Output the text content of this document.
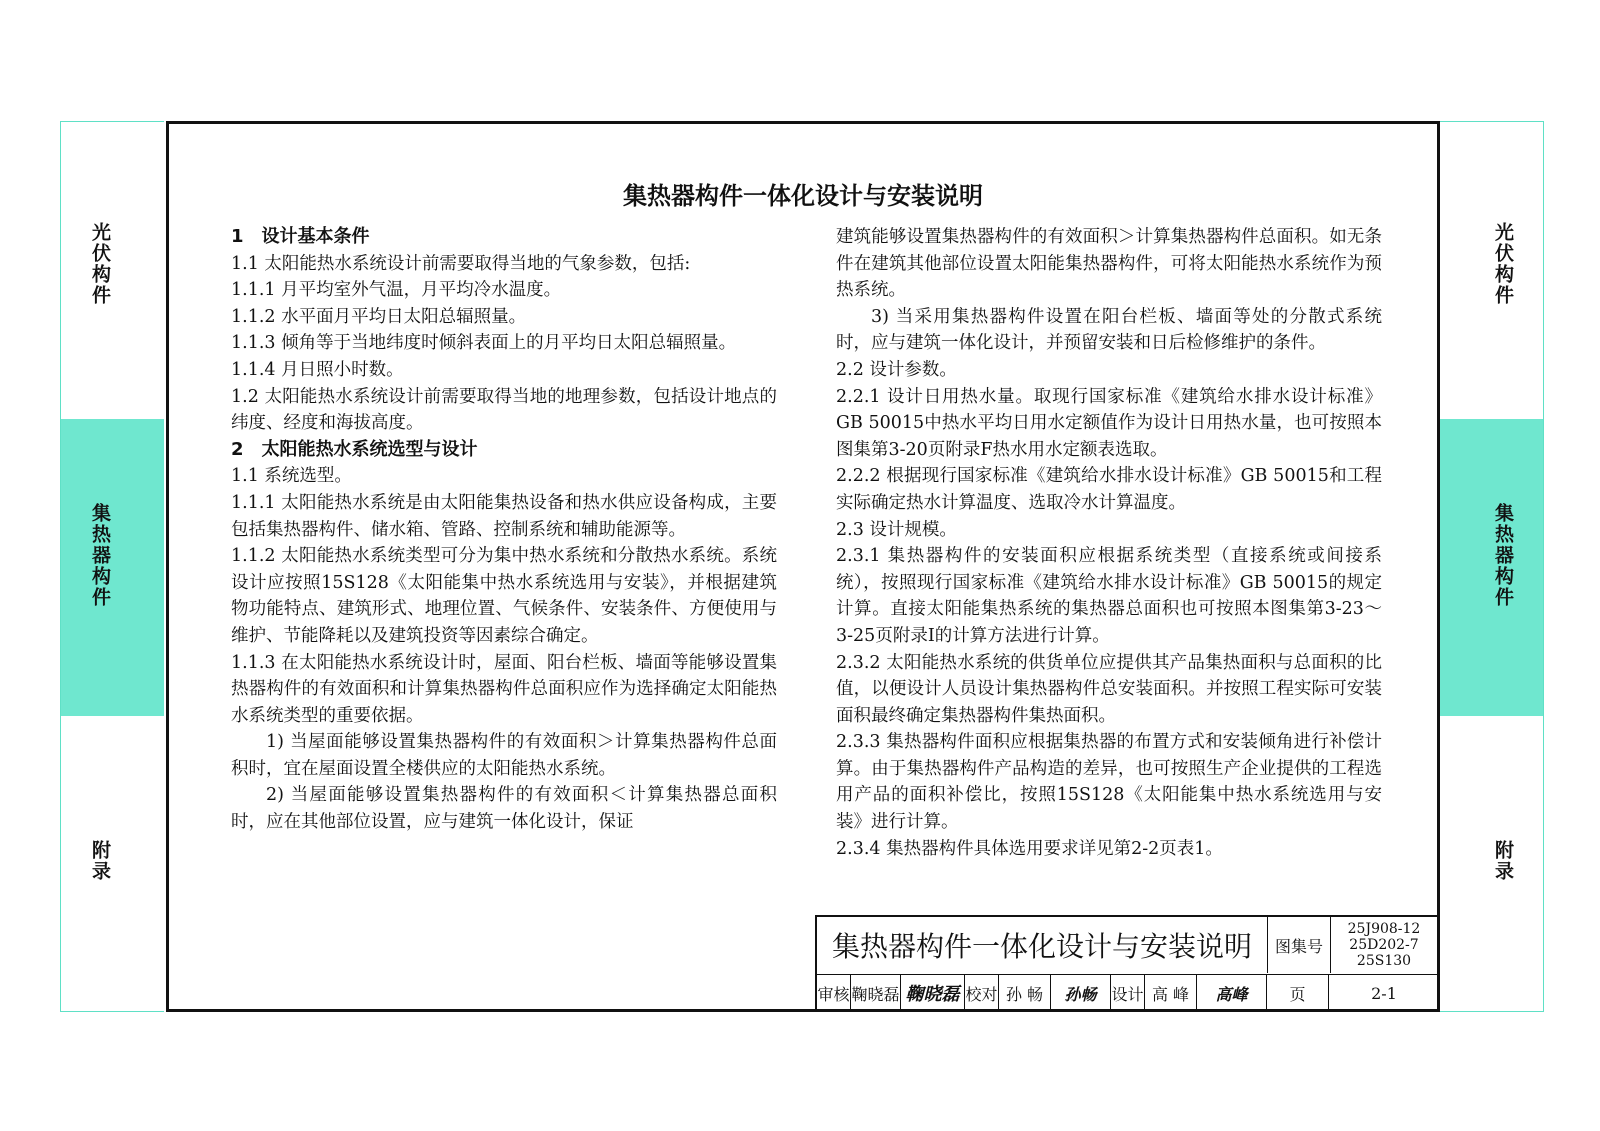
光伏构件
集热器构件
附录
光伏构件
集热器构件
附录
集热器构件一体化设计与安装说明

1　设计基本条件

1.1 太阳能热水系统设计前需要取得当地的气象参数，包括:

1.1.1 月平均室外气温，月平均冷水温度。

1.1.2 水平面月平均日太阳总辐照量。

1.1.3 倾角等于当地纬度时倾斜表面上的月平均日太阳总辐照量。

1.1.4 月日照小时数。

1.2 太阳能热水系统设计前需要取得当地的地理参数，包括设计地点的纬度、经度和海拔高度。

2　太阳能热水系统选型与设计

1.1 系统选型。

1.1.1 太阳能热水系统是由太阳能集热设备和热水供应设备构成，主要包括集热器构件、储水箱、管路、控制系统和辅助能源等。

1.1.2 太阳能热水系统类型可分为集中热水系统和分散热水系统。系统设计应按照15S128《太阳能集中热水系统选用与安装》，并根据建筑物功能特点、建筑形式、地理位置、气候条件、安装条件、方便使用与维护、节能降耗以及建筑投资等因素综合确定。

1.1.3 在太阳能热水系统设计时，屋面、阳台栏板、墙面等能够设置集热器构件的有效面积和计算集热器构件总面积应作为选择确定太阳能热水系统类型的重要依据。

1) 当屋面能够设置集热器构件的有效面积＞计算集热器构件总面积时，宜在屋面设置全楼供应的太阳能热水系统。

2) 当屋面能够设置集热器构件的有效面积＜计算集热器总面积时，应在其他部位设置，应与建筑一体化设计，保证

建筑能够设置集热器构件的有效面积＞计算集热器构件总面积。如无条件在建筑其他部位设置太阳能集热器构件，可将太阳能热水系统作为预热系统。

3) 当采用集热器构件设置在阳台栏板、墙面等处的分散式系统时，应与建筑一体化设计，并预留安装和日后检修维护的条件。

2.2 设计参数。

2.2.1 设计日用热水量。取现行国家标准《建筑给水排水设计标准》GB 50015中热水平均日用水定额值作为设计日用热水量，也可按照本图集第3-20页附录F热水用水定额表选取。

2.2.2 根据现行国家标准《建筑给水排水设计标准》GB 50015和工程实际确定热水计算温度、选取冷水计算温度。

2.3 设计规模。

2.3.1 集热器构件的安装面积应根据系统类型（直接系统或间接系统），按照现行国家标准《建筑给水排水设计标准》GB 50015的规定计算。直接太阳能集热系统的集热器总面积也可按照本图集第3-23～3-25页附录I的计算方法进行计算。

2.3.2 太阳能热水系统的供货单位应提供其产品集热面积与总面积的比值，以便设计人员设计集热器构件总安装面积。并按照工程实际可安装面积最终确定集热器构件集热面积。

2.3.3 集热器构件面积应根据集热器的布置方式和安装倾角进行补偿计算。由于集热器构件产品构造的差异，也可按照生产企业提供的工程选用产品的面积补偿比，按照15S128《太阳能集中热水系统选用与安装》进行计算。

2.3.4 集热器构件具体选用要求详见第2-2页表1。

集热器构件一体化设计与安装说明	图集号
25J908-12
25D202-7
25S130
审核 鞠晓磊 鞠晓磊 校对 孙 畅	孙畅 设计 高 峰	高峰	页	2-1
